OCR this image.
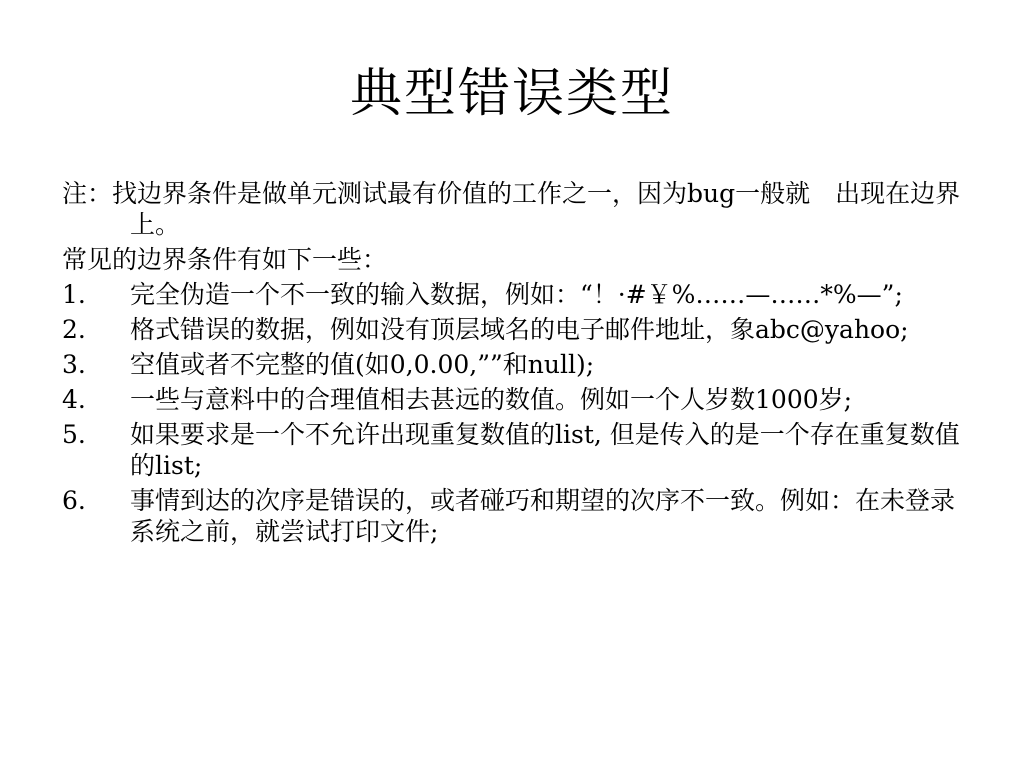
典型错误类型

注：找边界条件是做单元测试最有价值的工作之一，因为bug一般就　出现在边界上。

常见的边界条件有如下一些：

1.	完全伪造一个不一致的输入数据，例如：“！·#￥%……—……*%—”;
2.	格式错误的数据，例如没有顶层域名的电子邮件地址，象abc@yahoo;
3.	空值或者不完整的值(如0,0.00,””和null);
4.	一些与意料中的合理值相去甚远的数值。例如一个人岁数1000岁;
5.	如果要求是一个不允许出现重复数值的list, 但是传入的是一个存在重复数值的list;
6.	事情到达的次序是错误的，或者碰巧和期望的次序不一致。例如：在未登录系统之前，就尝试打印文件;
